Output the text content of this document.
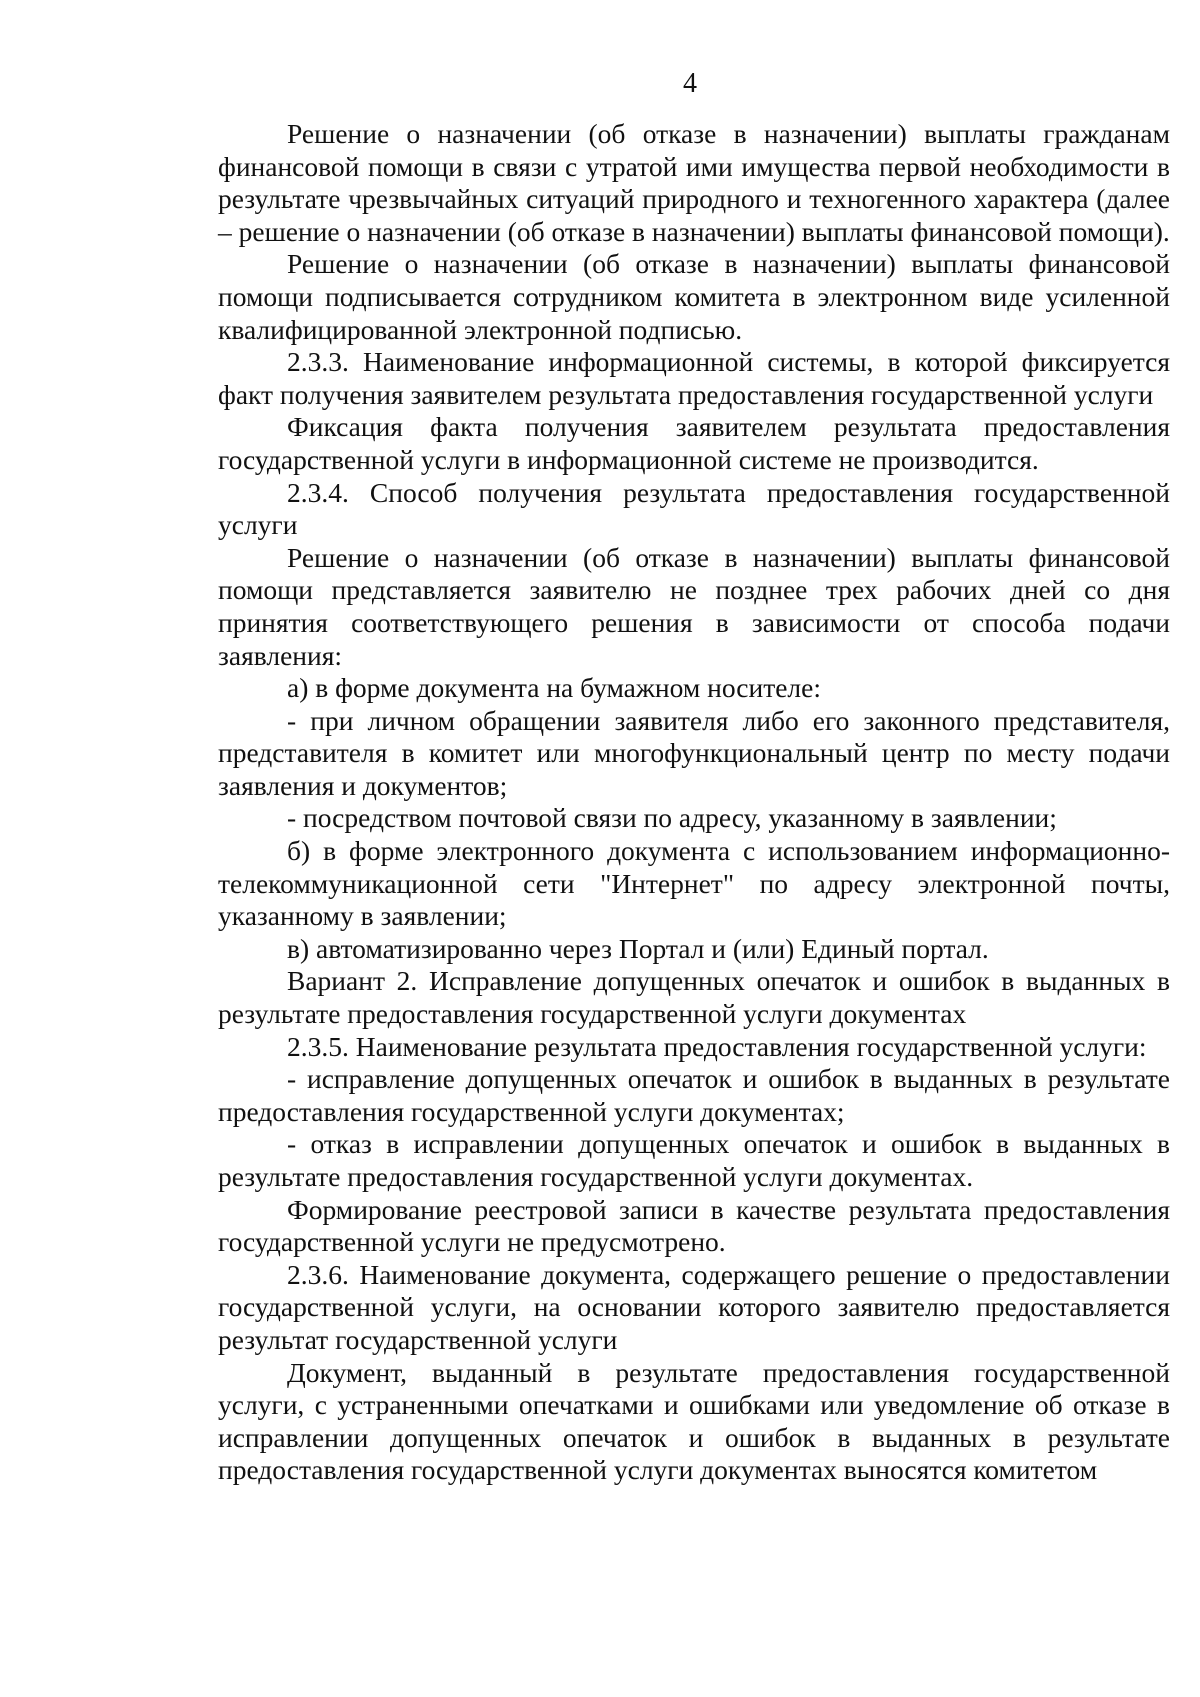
4

Решение о назначении (об отказе в назначении) выплаты гражданам финансовой помощи в связи с утратой ими имущества первой необходимости в результате чрезвычайных ситуаций природного и техногенного характера (далее – решение о назначении (об отказе в назначении) выплаты финансовой помощи).

Решение о назначении (об отказе в назначении) выплаты финансовой помощи подписывается сотрудником комитета в электронном виде усиленной квалифицированной электронной подписью.

2.3.3. Наименование информационной системы, в которой фиксируется факт получения заявителем результата предоставления государственной услуги

Фиксация факта получения заявителем результата предоставления государственной услуги в информационной системе не производится.

2.3.4. Способ получения результата предоставления государственной услуги

Решение о назначении (об отказе в назначении) выплаты финансовой помощи представляется заявителю не позднее трех рабочих дней со дня принятия соответствующего решения в зависимости от способа подачи заявления:

а) в форме документа на бумажном носителе:

- при личном обращении заявителя либо его законного представителя, представителя в комитет или многофункциональный центр по месту подачи заявления и документов;

- посредством почтовой связи по адресу, указанному в заявлении;

б) в форме электронного документа с использованием информационно-телекоммуникационной сети "Интернет" по адресу электронной почты, указанному в заявлении;

в) автоматизированно через Портал и (или) Единый портал.

Вариант 2. Исправление допущенных опечаток и ошибок в выданных в результате предоставления государственной услуги документах

2.3.5. Наименование результата предоставления государственной услуги:

- исправление допущенных опечаток и ошибок в выданных в результате предоставления государственной услуги документах;

- отказ в исправлении допущенных опечаток и ошибок в выданных в результате предоставления государственной услуги документах.

Формирование реестровой записи в качестве результата предоставления государственной услуги не предусмотрено.

2.3.6. Наименование документа, содержащего решение о предоставлении государственной услуги, на основании которого заявителю предоставляется результат государственной услуги

Документ, выданный в результате предоставления государственной услуги, с устраненными опечатками и ошибками или уведомление об отказе в исправлении допущенных опечаток и ошибок в выданных в результате предоставления государственной услуги документах выносятся комитетом
